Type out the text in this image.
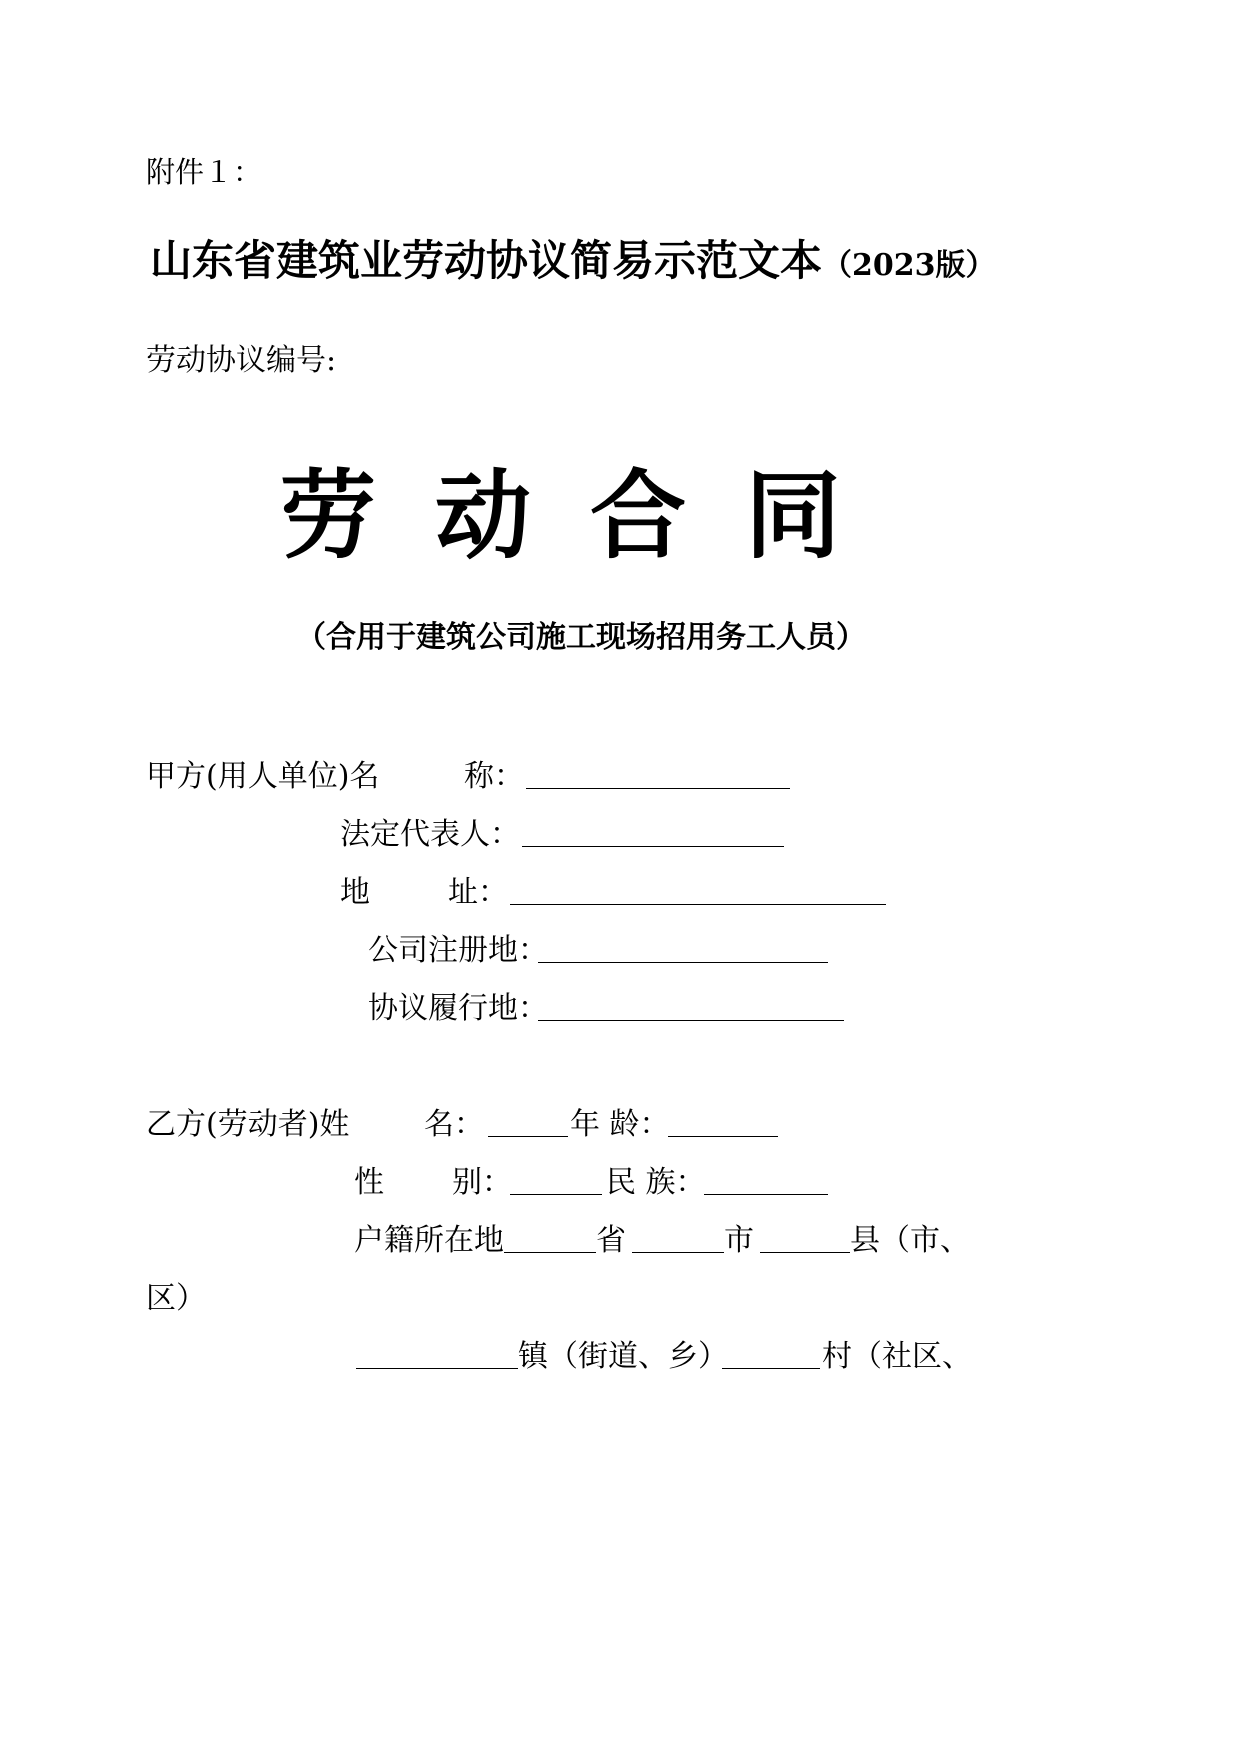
附件１：
山东省建筑业劳动协议简易示范文本（2023版）
劳动协议编号:
劳 动 合 同
（合用于建筑公司施工现场招用务工人员）
甲方(用人单位)名	称：
法定代表人：
地	址：
公司注册地：
协议履行地：
乙方(劳动者)姓 名：	年 龄：
性 别：	民 族：
户籍所在地	省	市	县（市、
区）
镇（街道、乡）	村（社区、
